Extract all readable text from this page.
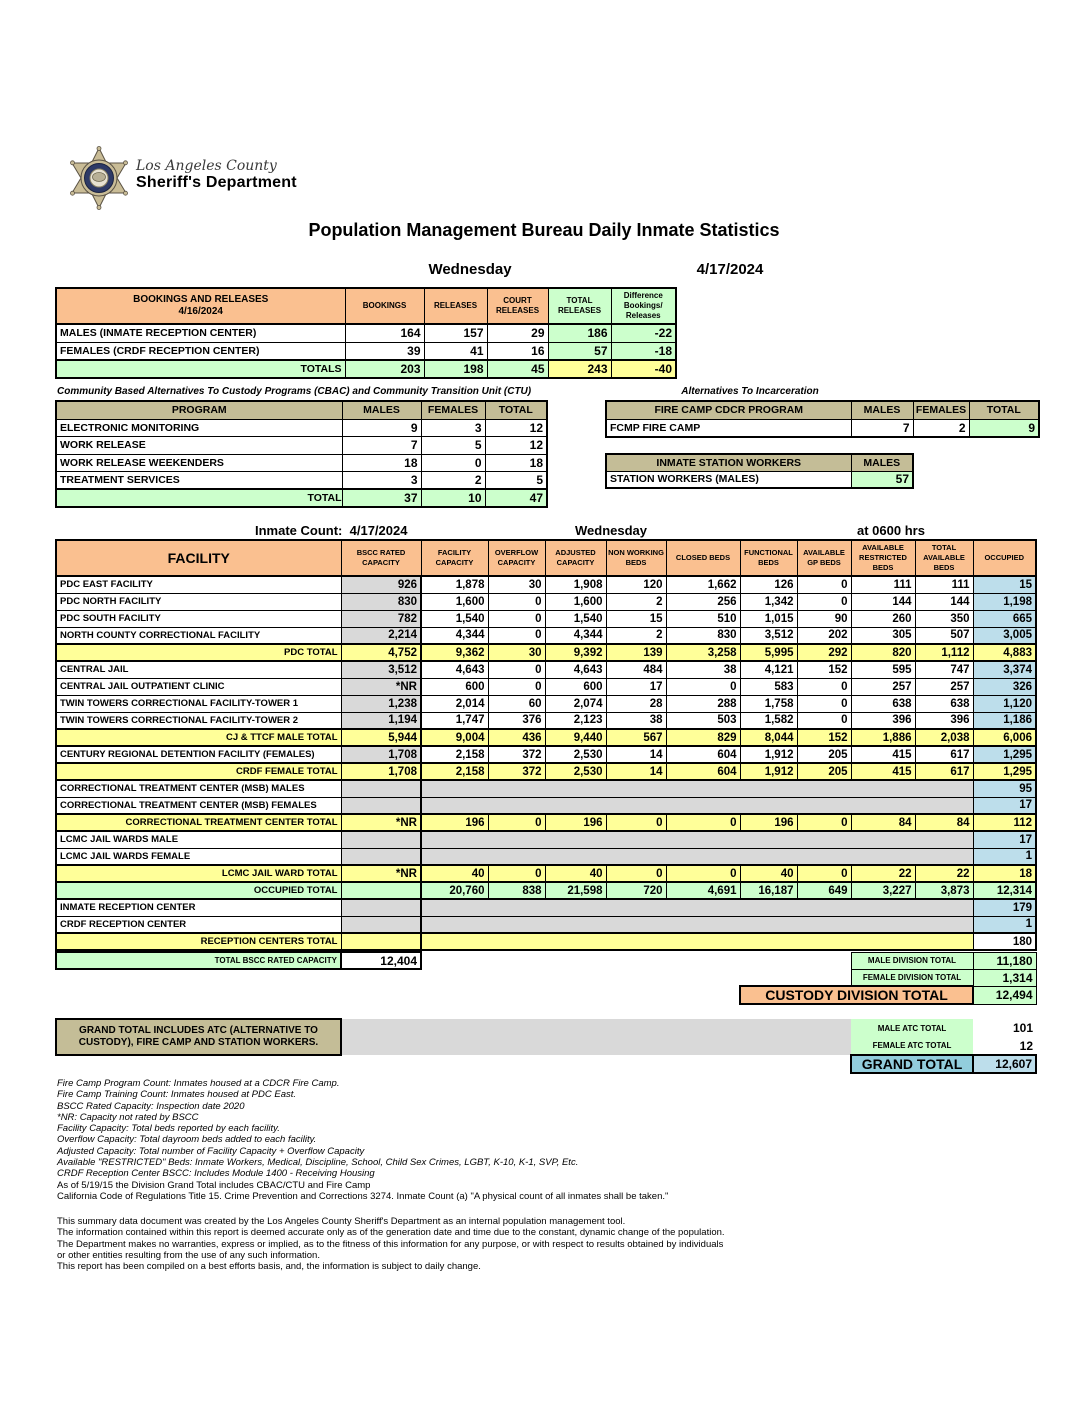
Los Angeles County
Sheriff's Department
Population Management Bureau Daily Inmate Statistics
Wednesday	4/17/2024
BOOKINGS AND RELEASES
4/16/2024	BOOKINGS	RELEASES	COURT RELEASES	TOTAL RELEASES	Difference Bookings/ Releases
MALES (INMATE RECEPTION CENTER)	164	157	29	186	-22
FEMALES (CRDF RECEPTION CENTER)	39	41	16	57	-18
TOTALS	203	198	45	243	-40
Community Based Alternatives To Custody Programs (CBAC) and Community Transition Unit (CTU)
PROGRAM	MALES	FEMALES	TOTAL
ELECTRONIC MONITORING	9	3	12
WORK RELEASE	7	5	12
WORK RELEASE WEEKENDERS	18	0	18
TREATMENT SERVICES	3	2	5
TOTAL	37	10	47
Alternatives To Incarceration
FIRE CAMP CDCR PROGRAM	MALES	FEMALES	TOTAL
FCMP FIRE CAMP	7	2	9
INMATE STATION WORKERS	MALES
STATION WORKERS (MALES)	57
Inmate Count: 4/17/2024	Wednesday	at 0600 hrs
FACILITY	BSCC RATED CAPACITY	FACILITY CAPACITY	OVERFLOW CAPACITY	ADJUSTED CAPACITY	NON WORKING BEDS	CLOSED BEDS	FUNCTIONAL BEDS	AVAILABLE GP BEDS	AVAILABLE RESTRICTED BEDS	TOTAL AVAILABLE BEDS	OCCUPIED
PDC EAST FACILITY	926	1,878	30	1,908	120	1,662	126	0	111	111	15
PDC NORTH FACILITY	830	1,600	0	1,600	2	256	1,342	0	144	144	1,198
PDC SOUTH FACILITY	782	1,540	0	1,540	15	510	1,015	90	260	350	665
NORTH COUNTY CORRECTIONAL FACILITY	2,214	4,344	0	4,344	2	830	3,512	202	305	507	3,005
PDC TOTAL	4,752	9,362	30	9,392	139	3,258	5,995	292	820	1,112	4,883
CENTRAL JAIL	3,512	4,643	0	4,643	484	38	4,121	152	595	747	3,374
CENTRAL JAIL OUTPATIENT CLINIC	*NR	600	0	600	17	0	583	0	257	257	326
TWIN TOWERS CORRECTIONAL FACILITY-TOWER 1	1,238	2,014	60	2,074	28	288	1,758	0	638	638	1,120
TWIN TOWERS CORRECTIONAL FACILITY-TOWER 2	1,194	1,747	376	2,123	38	503	1,582	0	396	396	1,186
CJ & TTCF MALE TOTAL	5,944	9,004	436	9,440	567	829	8,044	152	1,886	2,038	6,006
CENTURY REGIONAL DETENTION FACILITY (FEMALES)	1,708	2,158	372	2,530	14	604	1,912	205	415	617	1,295
CRDF FEMALE TOTAL	1,708	2,158	372	2,530	14	604	1,912	205	415	617	1,295
CORRECTIONAL TREATMENT CENTER (MSB) MALES											95
CORRECTIONAL TREATMENT CENTER (MSB) FEMALES											17
CORRECTIONAL TREATMENT CENTER TOTAL	*NR	196	0	196	0	0	196	0	84	84	112
LCMC JAIL WARDS MALE											17
LCMC JAIL WARDS FEMALE											1
LCMC JAIL WARD TOTAL	*NR	40	0	40	0	0	40	0	22	22	18
OCCUPIED TOTAL		20,760	838	21,598	720	4,691	16,187	649	3,227	3,873	12,314
INMATE RECEPTION CENTER											179
CRDF RECEPTION CENTER											1
RECEPTION CENTERS TOTAL											180
TOTAL BSCC RATED CAPACITY	12,404			MALE DIVISION TOTAL	11,180
				FEMALE DIVISION TOTAL	1,314
			CUSTODY DIVISION TOTAL		12,494
GRAND TOTAL INCLUDES ATC (ALTERNATIVE TO CUSTODY), FIRE CAMP AND STATION WORKERS.			MALE ATC TOTAL	101
			FEMALE ATC TOTAL	12
			GRAND TOTAL	12,607
Fire Camp Program Count: Inmates housed at a CDCR Fire Camp.
Fire Camp Training Count: Inmates housed at PDC East.
BSCC Rated Capacity: Inspection date 2020
*NR: Capacity not rated by BSCC
Facility Capacity: Total beds reported by each facility.
Overflow Capacity: Total dayroom beds added to each facility.
Adjusted Capacity: Total number of Facility Capacity + Overflow Capacity
Available "RESTRICTED" Beds: Inmate Workers, Medical, Discipline, School, Child Sex Crimes, LGBT, K-10, K-1, SVP, Etc.
CRDF Reception Center BSCC: Includes Module 1400 - Receiving Housing
As of 5/19/15 the Division Grand Total includes CBAC/CTU and Fire Camp
California Code of Regulations Title 15. Crime Prevention and Corrections 3274. Inmate Count (a) "A physical count of all inmates shall be taken."
This summary data document was created by the Los Angeles County Sheriff's Department as an internal population management tool.
The information contained within this report is deemed accurate only as of the generation date and time due to the constant, dynamic change of the population.
The Department makes no warranties, express or implied, as to the fitness of this information for any purpose, or with respect to results obtained by individuals
or other entities resulting from the use of any such information.
This report has been compiled on a best efforts basis, and, the information is subject to daily change.
